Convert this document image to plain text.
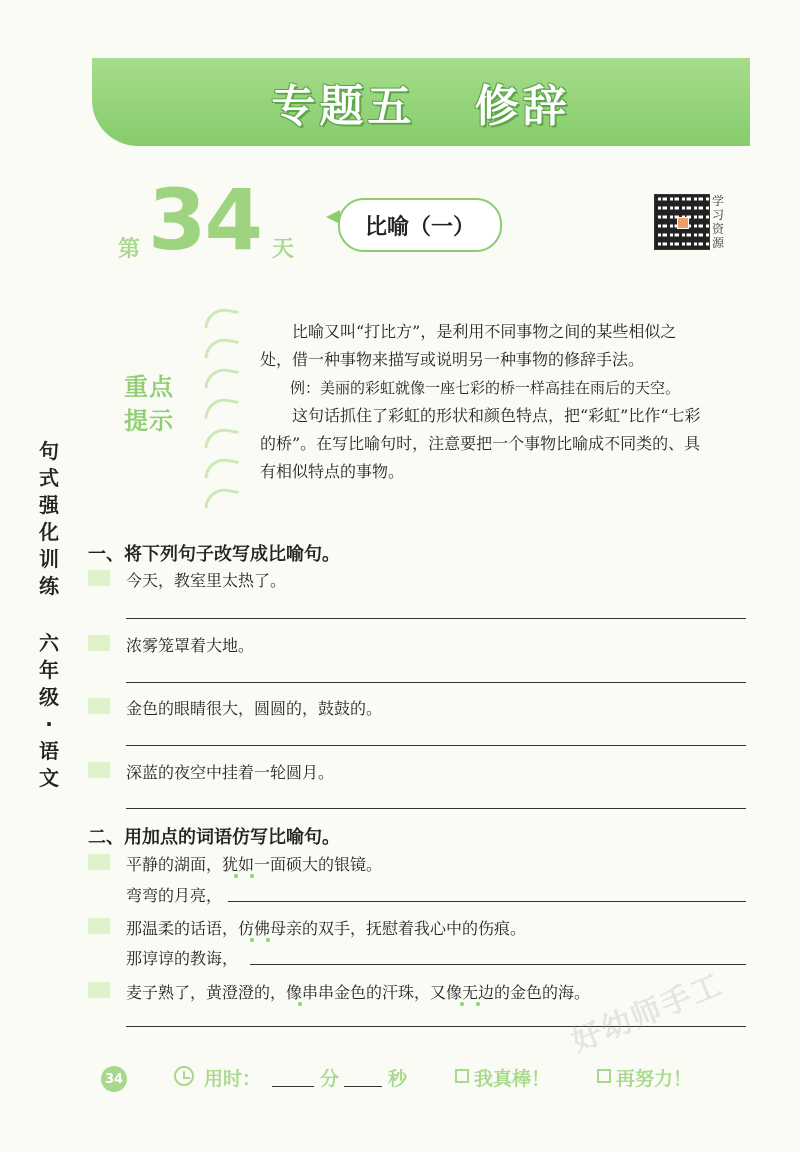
专题五 修辞
第 34 天
比喻（一）
学习资源
重点提示

比喻又叫“打比方”，是利用不同事物之间的某些相似之处，借一种事物来描写或说明另一种事物的修辞手法。

例：美丽的彩虹就像一座七彩的桥一样高挂在雨后的天空。

这句话抓住了彩虹的形状和颜色特点，把“彩虹”比作“七彩的桥”。在写比喻句时，注意要把一个事物比喻成不同类的、具有相似特点的事物。

句式强化训练
六年级·语文
一、将下列句子改写成比喻句。
今天，教室里太热了。
浓雾笼罩着大地。
金色的眼睛很大，圆圆的，鼓鼓的。
深蓝的夜空中挂着一轮圆月。
二、用加点的词语仿写比喻句。
平静的湖面，犹如一面硕大的银镜。
弯弯的月亮，
那温柔的话语，仿佛母亲的双手，抚慰着我心中的伤痕。
那谆谆的教诲，
麦子熟了，黄澄澄的，像串串金色的汗珠，又像无边的金色的海。
好幼师手工
34	用时：	分	秒	我真棒！	再努力！
